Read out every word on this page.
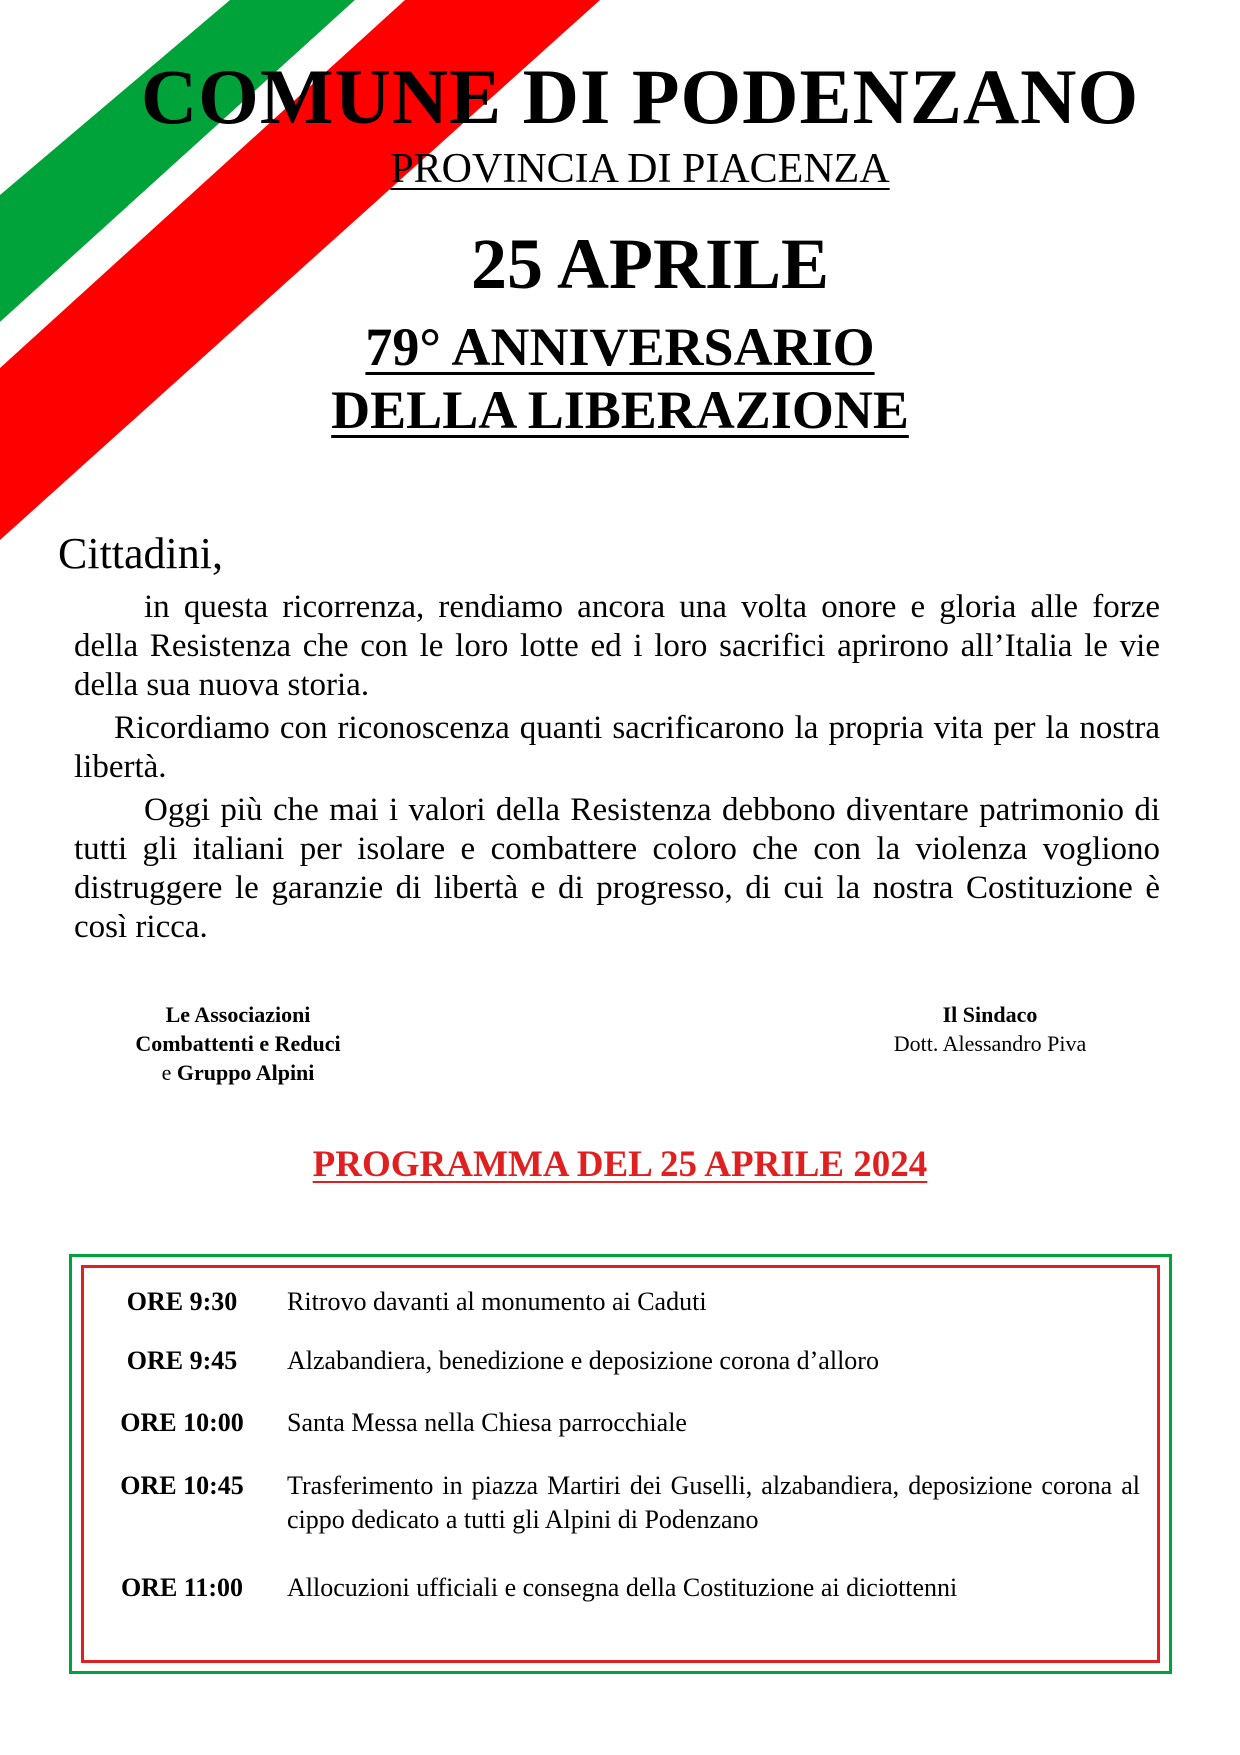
COMUNE DI PODENZANO
PROVINCIA DI PIACENZA
25 APRILE
79° ANNIVERSARIO
DELLA LIBERAZIONE
Cittadini,

in questa ricorrenza, rendiamo ancora una volta onore e gloria alle forze della Resistenza che con le loro lotte ed i loro sacrifici aprirono all’Italia le vie della sua nuova storia.

Ricordiamo con riconoscenza quanti sacrificarono la propria vita per la nostra libertà.

Oggi più che mai i valori della Resistenza debbono diventare patrimonio di tutti gli italiani per isolare e combattere coloro che con la violenza vogliono distruggere le garanzie di libertà e di progresso, di cui la nostra Costituzione è così ricca.

Le Associazioni
Combattenti e Reduci
e Gruppo Alpini
Il Sindaco
Dott. Alessandro Piva
PROGRAMMA DEL 25 APRILE 2024
ORE 9:30	Ritrovo davanti al monumento ai Caduti
ORE 9:45	Alzabandiera, benedizione e deposizione corona d’alloro
ORE 10:00	Santa Messa nella Chiesa parrocchiale
ORE 10:45	Trasferimento in piazza Martiri dei Guselli, alzabandiera, deposizione corona al cippo dedicato a tutti gli Alpini di Podenzano
ORE 11:00	Allocuzioni ufficiali e consegna della Costituzione ai diciottenni
